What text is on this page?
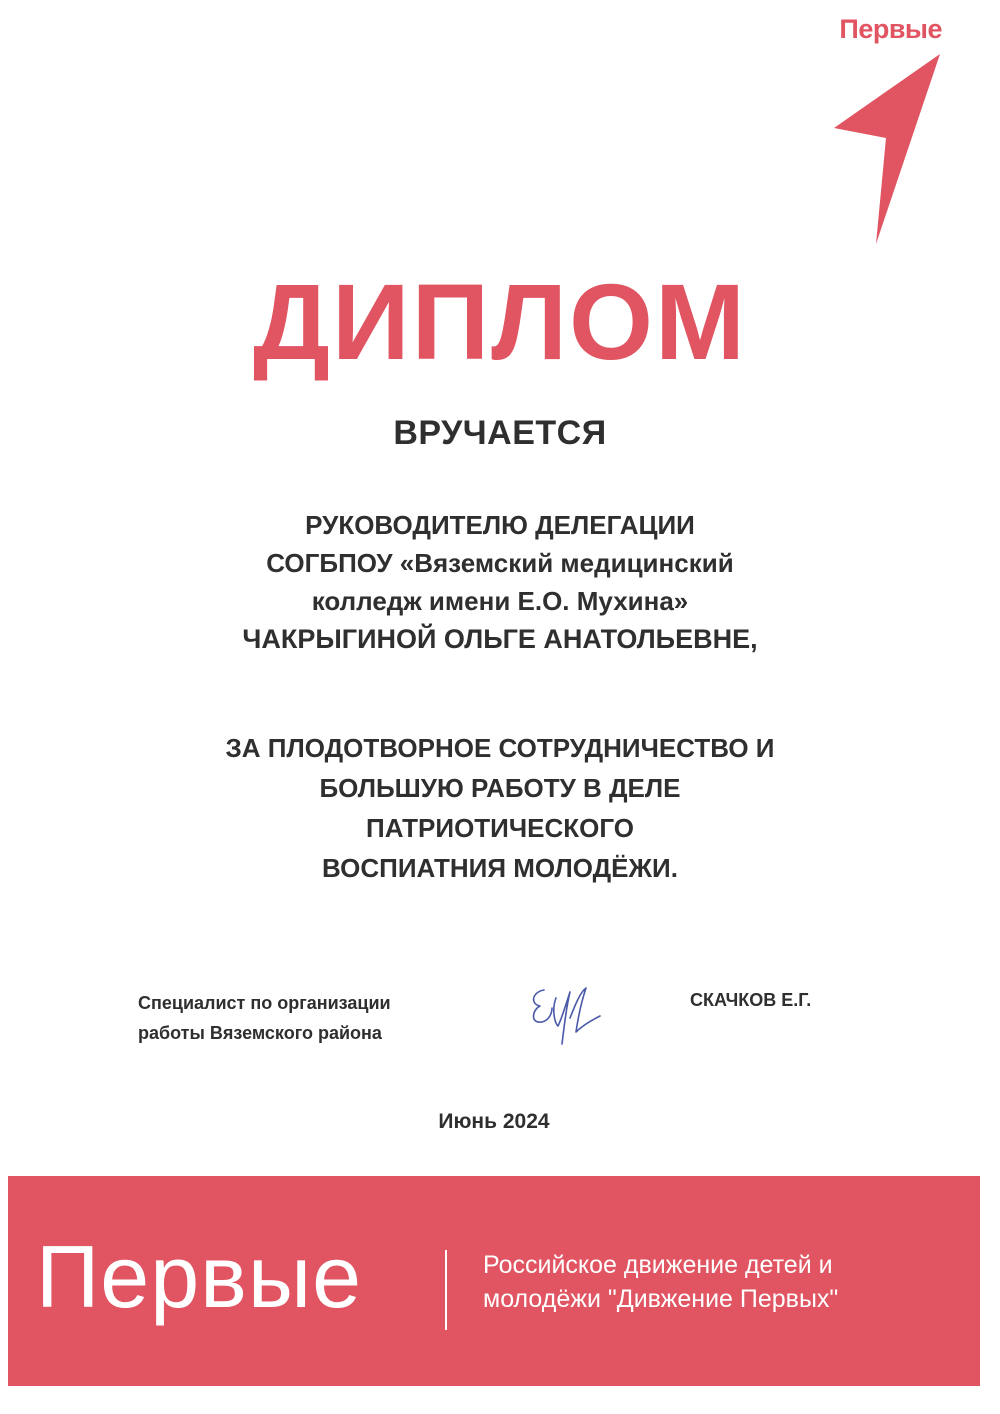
Первые
ДИПЛОМ
ВРУЧАЕТСЯ
РУКОВОДИТЕЛЮ ДЕЛЕГАЦИИ
СОГБПОУ «Вяземский медицинский
колледж имени Е.О. Мухина»
ЧАКРЫГИНОЙ ОЛЬГЕ АНАТОЛЬЕВНЕ,
ЗА ПЛОДОТВОРНОЕ СОТРУДНИЧЕСТВО И
БОЛЬШУЮ РАБОТУ В ДЕЛЕ
ПАТРИОТИЧЕСКОГО
ВОСПИАТНИЯ МОЛОДЁЖИ.
Специалист по организации
работы Вяземского района
СКАЧКОВ Е.Г.
Июнь 2024
Первые	Российское движение детей и
молодёжи "Дивжение Первых"
